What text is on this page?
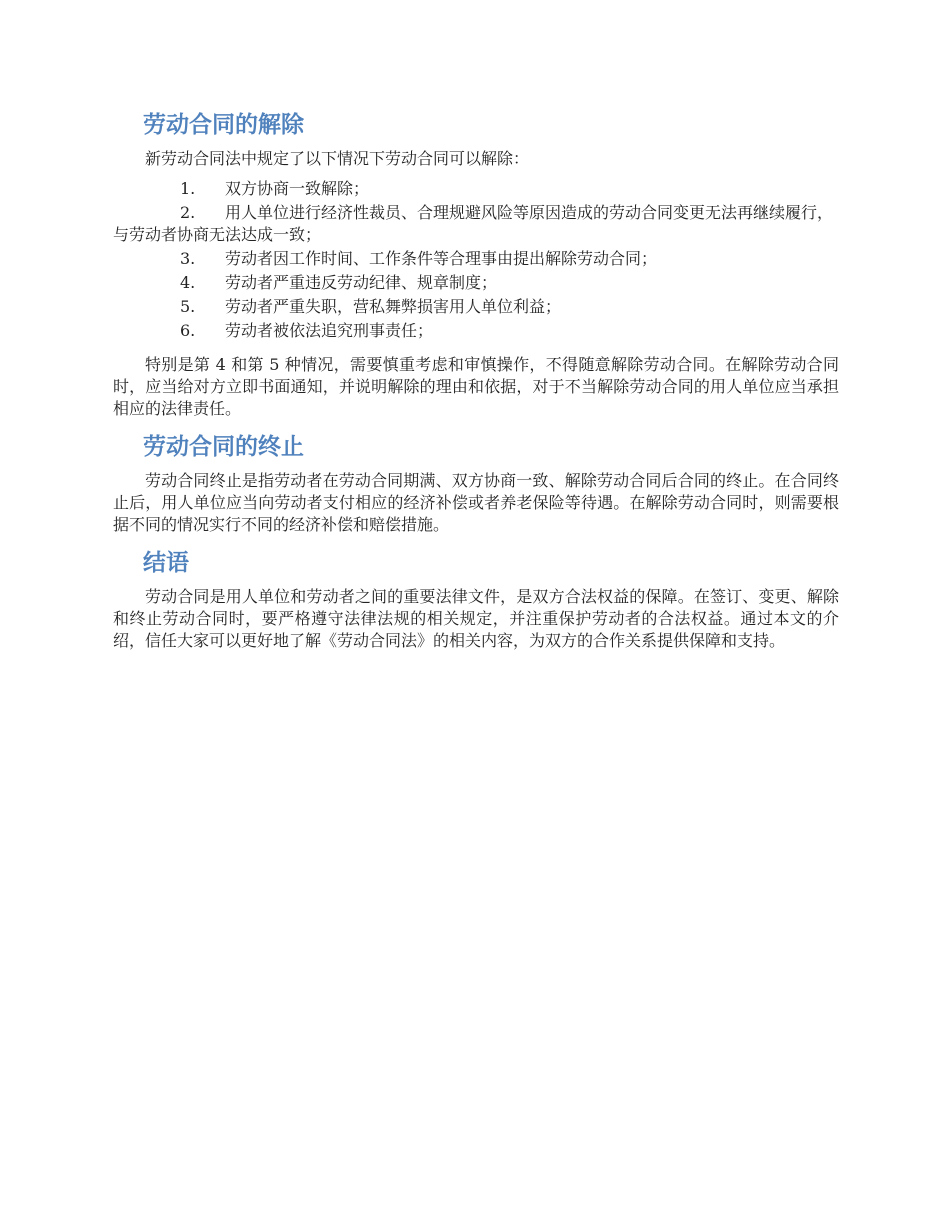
劳动合同的解除

新劳动合同法中规定了以下情况下劳动合同可以解除：

1. 双方协商一致解除；
2. 用人单位进行经济性裁员、合理规避风险等原因造成的劳动合同变更无法再继续履行，与劳动者协商无法达成一致；
3. 劳动者因工作时间、工作条件等合理事由提出解除劳动合同；
4. 劳动者严重违反劳动纪律、规章制度；
5. 劳动者严重失职，营私舞弊损害用人单位利益；
6. 劳动者被依法追究刑事责任；

特别是第 4 和第 5 种情况，需要慎重考虑和审慎操作，不得随意解除劳动合同。在解除劳动合同时，应当给对方立即书面通知，并说明解除的理由和依据，对于不当解除劳动合同的用人单位应当承担相应的法律责任。

劳动合同的终止

劳动合同终止是指劳动者在劳动合同期满、双方协商一致、解除劳动合同后合同的终止。在合同终止后，用人单位应当向劳动者支付相应的经济补偿或者养老保险等待遇。在解除劳动合同时，则需要根据不同的情况实行不同的经济补偿和赔偿措施。

结语

劳动合同是用人单位和劳动者之间的重要法律文件，是双方合法权益的保障。在签订、变更、解除和终止劳动合同时，要严格遵守法律法规的相关规定，并注重保护劳动者的合法权益。通过本文的介绍，信任大家可以更好地了解《劳动合同法》的相关内容，为双方的合作关系提供保障和支持。
